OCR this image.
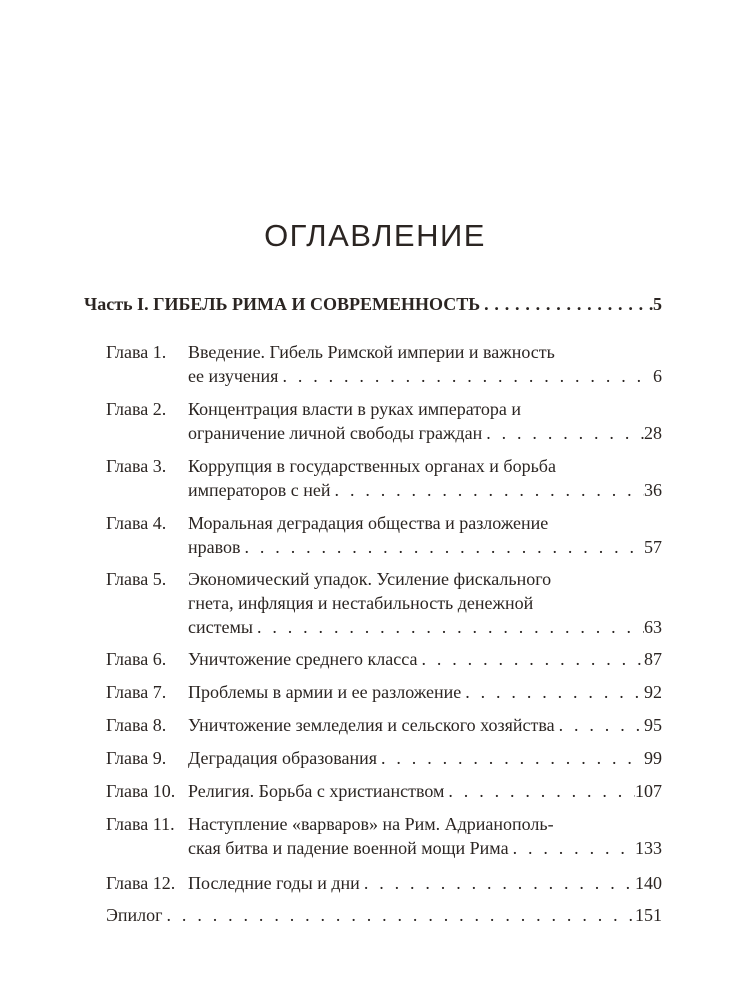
ОГЛАВЛЕНИЕ
Часть I. ГИБЕЛЬ РИМА И СОВРЕМЕННОСТЬ .....	5
Глава 1. Введение. Гибель Римской империи и важность
ее изучения . . .	6
Глава 2. Концентрация власти в руках императора и
ограничение личной свободы граждан . . .	28
Глава 3. Коррупция в государственных органах и борьба
императоров с ней . . .	36
Глава 4. Моральная деградация общества и разложение
нравов . . .	57
Глава 5. Экономический упадок. Усиление фискального
гнета, инфляция и нестабильность денежной
системы . . .	63
Глава 6. Уничтожение среднего класса . . .	87
Глава 7. Проблемы в армии и ее разложение . . .	92
Глава 8. Уничтожение земледелия и сельского хозяйства . . .	95
Глава 9. Деградация образования . . .	99
Глава 10. Религия. Борьба с христианством . . .	107
Глава 11. Наступление «варваров» на Рим. Адрианополь-
ская битва и падение военной мощи Рима . . .	133
Глава 12. Последние годы и дни . . .	140
Эпилог . . .	151
